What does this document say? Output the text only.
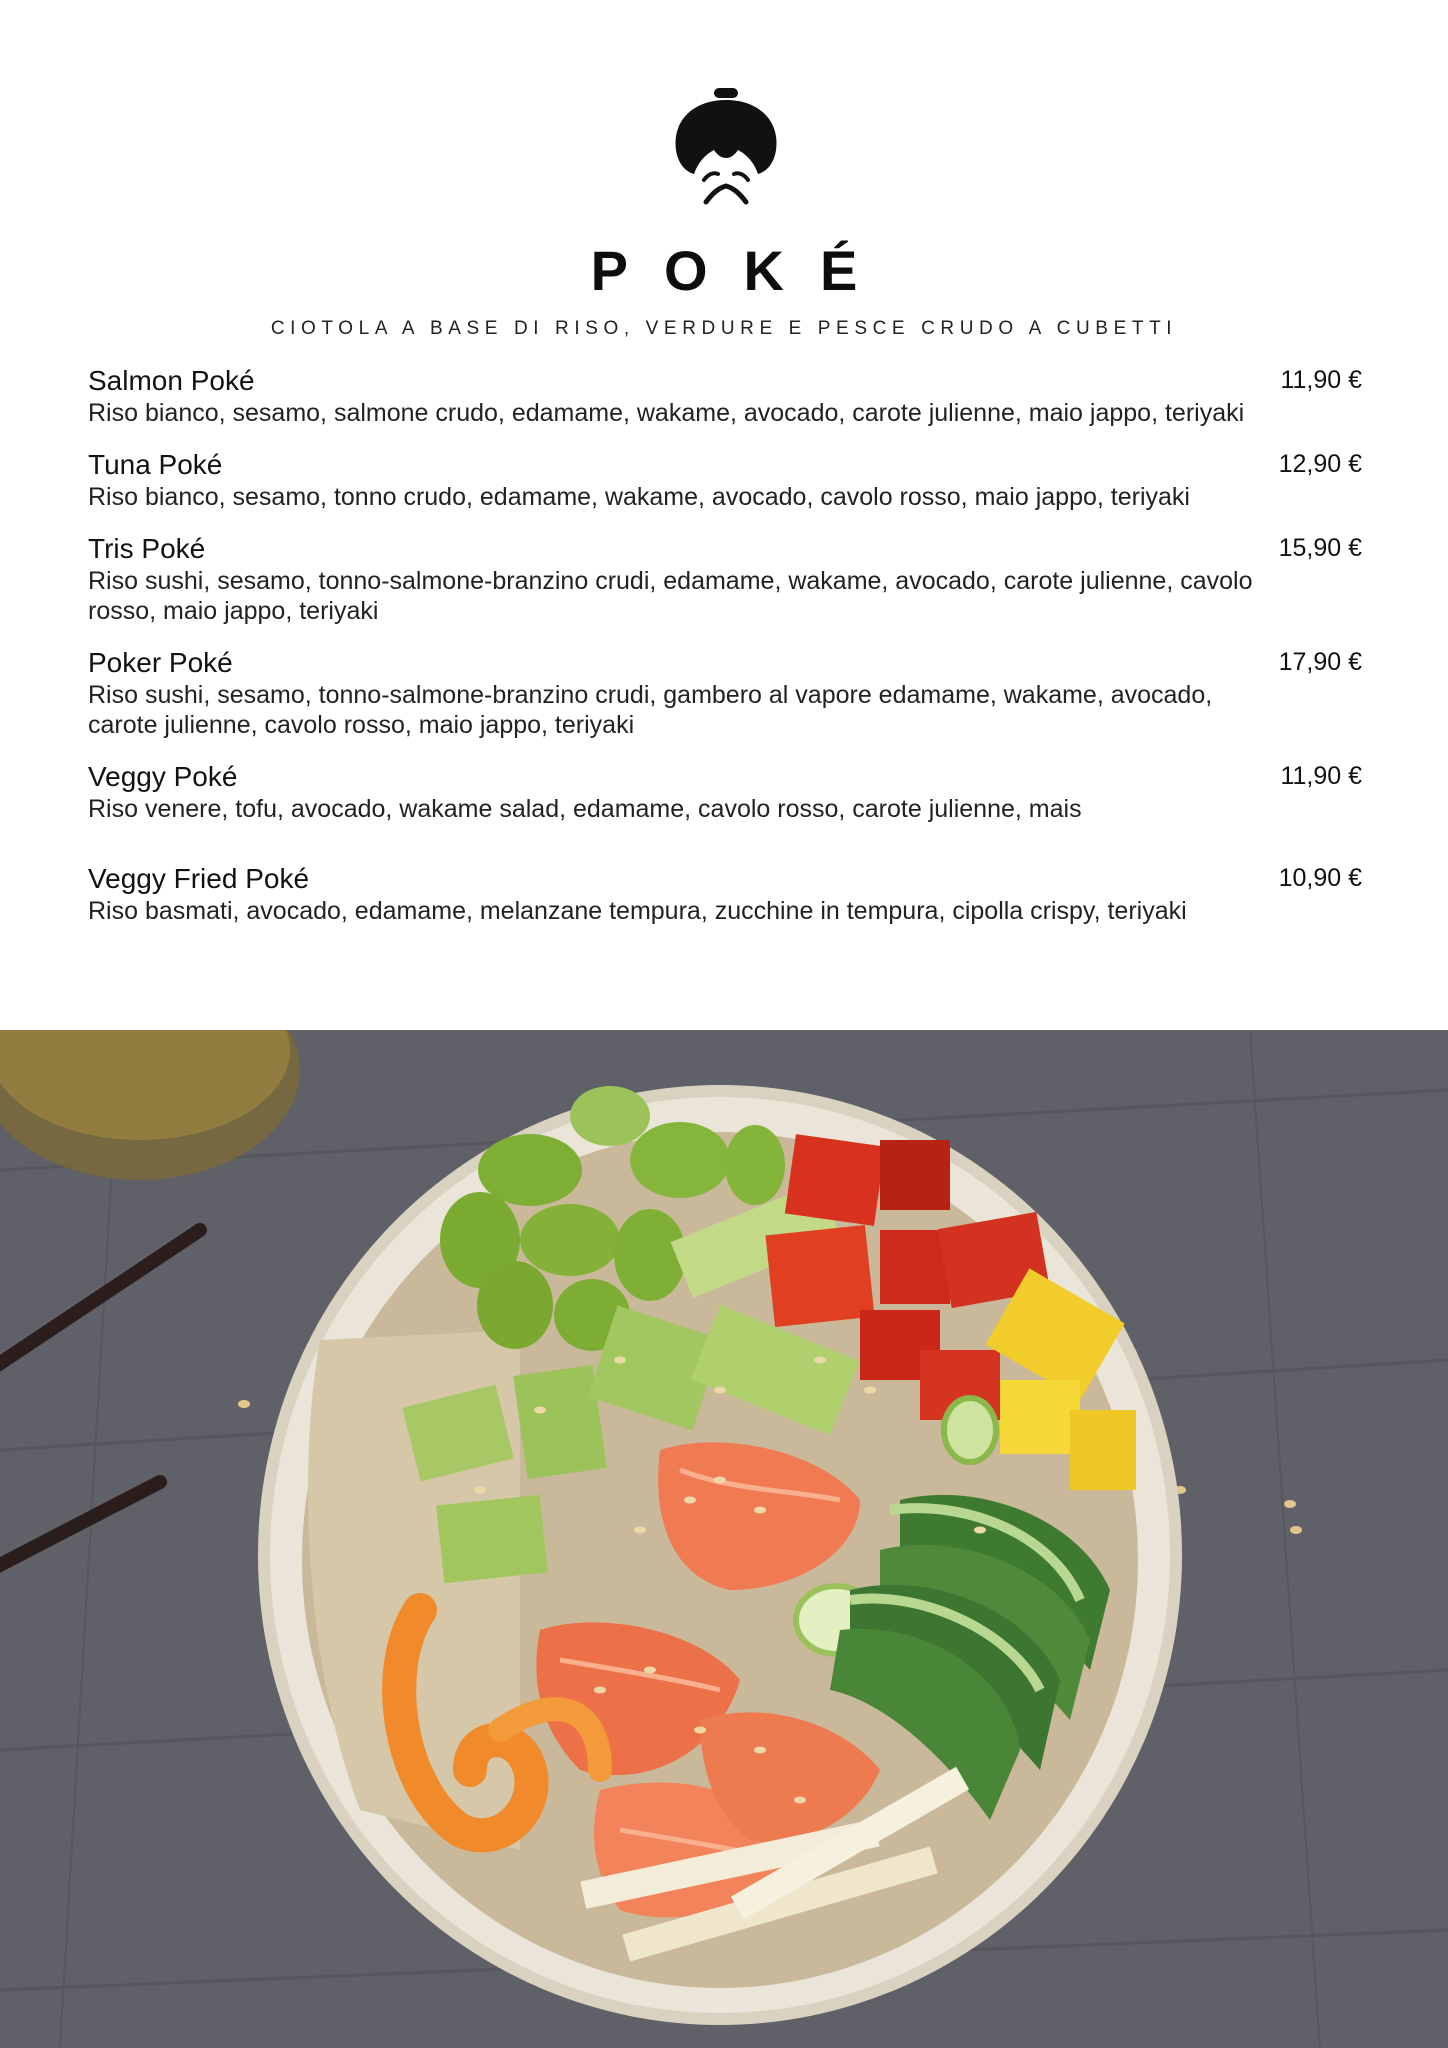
POKÉ
CIOTOLA A BASE DI RISO, VERDURE E PESCE CRUDO A CUBETTI
Salmon Poké
Riso bianco, sesamo, salmone crudo, edamame, wakame, avocado, carote julienne, maio jappo, teriyaki
11,90 €
Tuna Poké
Riso bianco, sesamo, tonno crudo, edamame, wakame, avocado, cavolo rosso, maio jappo, teriyaki
12,90 €
Tris Poké
Riso sushi, sesamo, tonno-salmone-branzino crudi, edamame, wakame, avocado, carote julienne, cavolo rosso, maio jappo, teriyaki
15,90 €
Poker Poké
Riso sushi, sesamo, tonno-salmone-branzino crudi, gambero al vapore edamame, wakame, avocado, carote julienne, cavolo rosso, maio jappo, teriyaki
17,90 €
Veggy Poké
Riso venere, tofu, avocado, wakame salad, edamame, cavolo rosso, carote julienne, mais
11,90 €
Veggy Fried Poké
Riso basmati, avocado, edamame, melanzane tempura, zucchine in tempura, cipolla crispy, teriyaki
10,90 €
